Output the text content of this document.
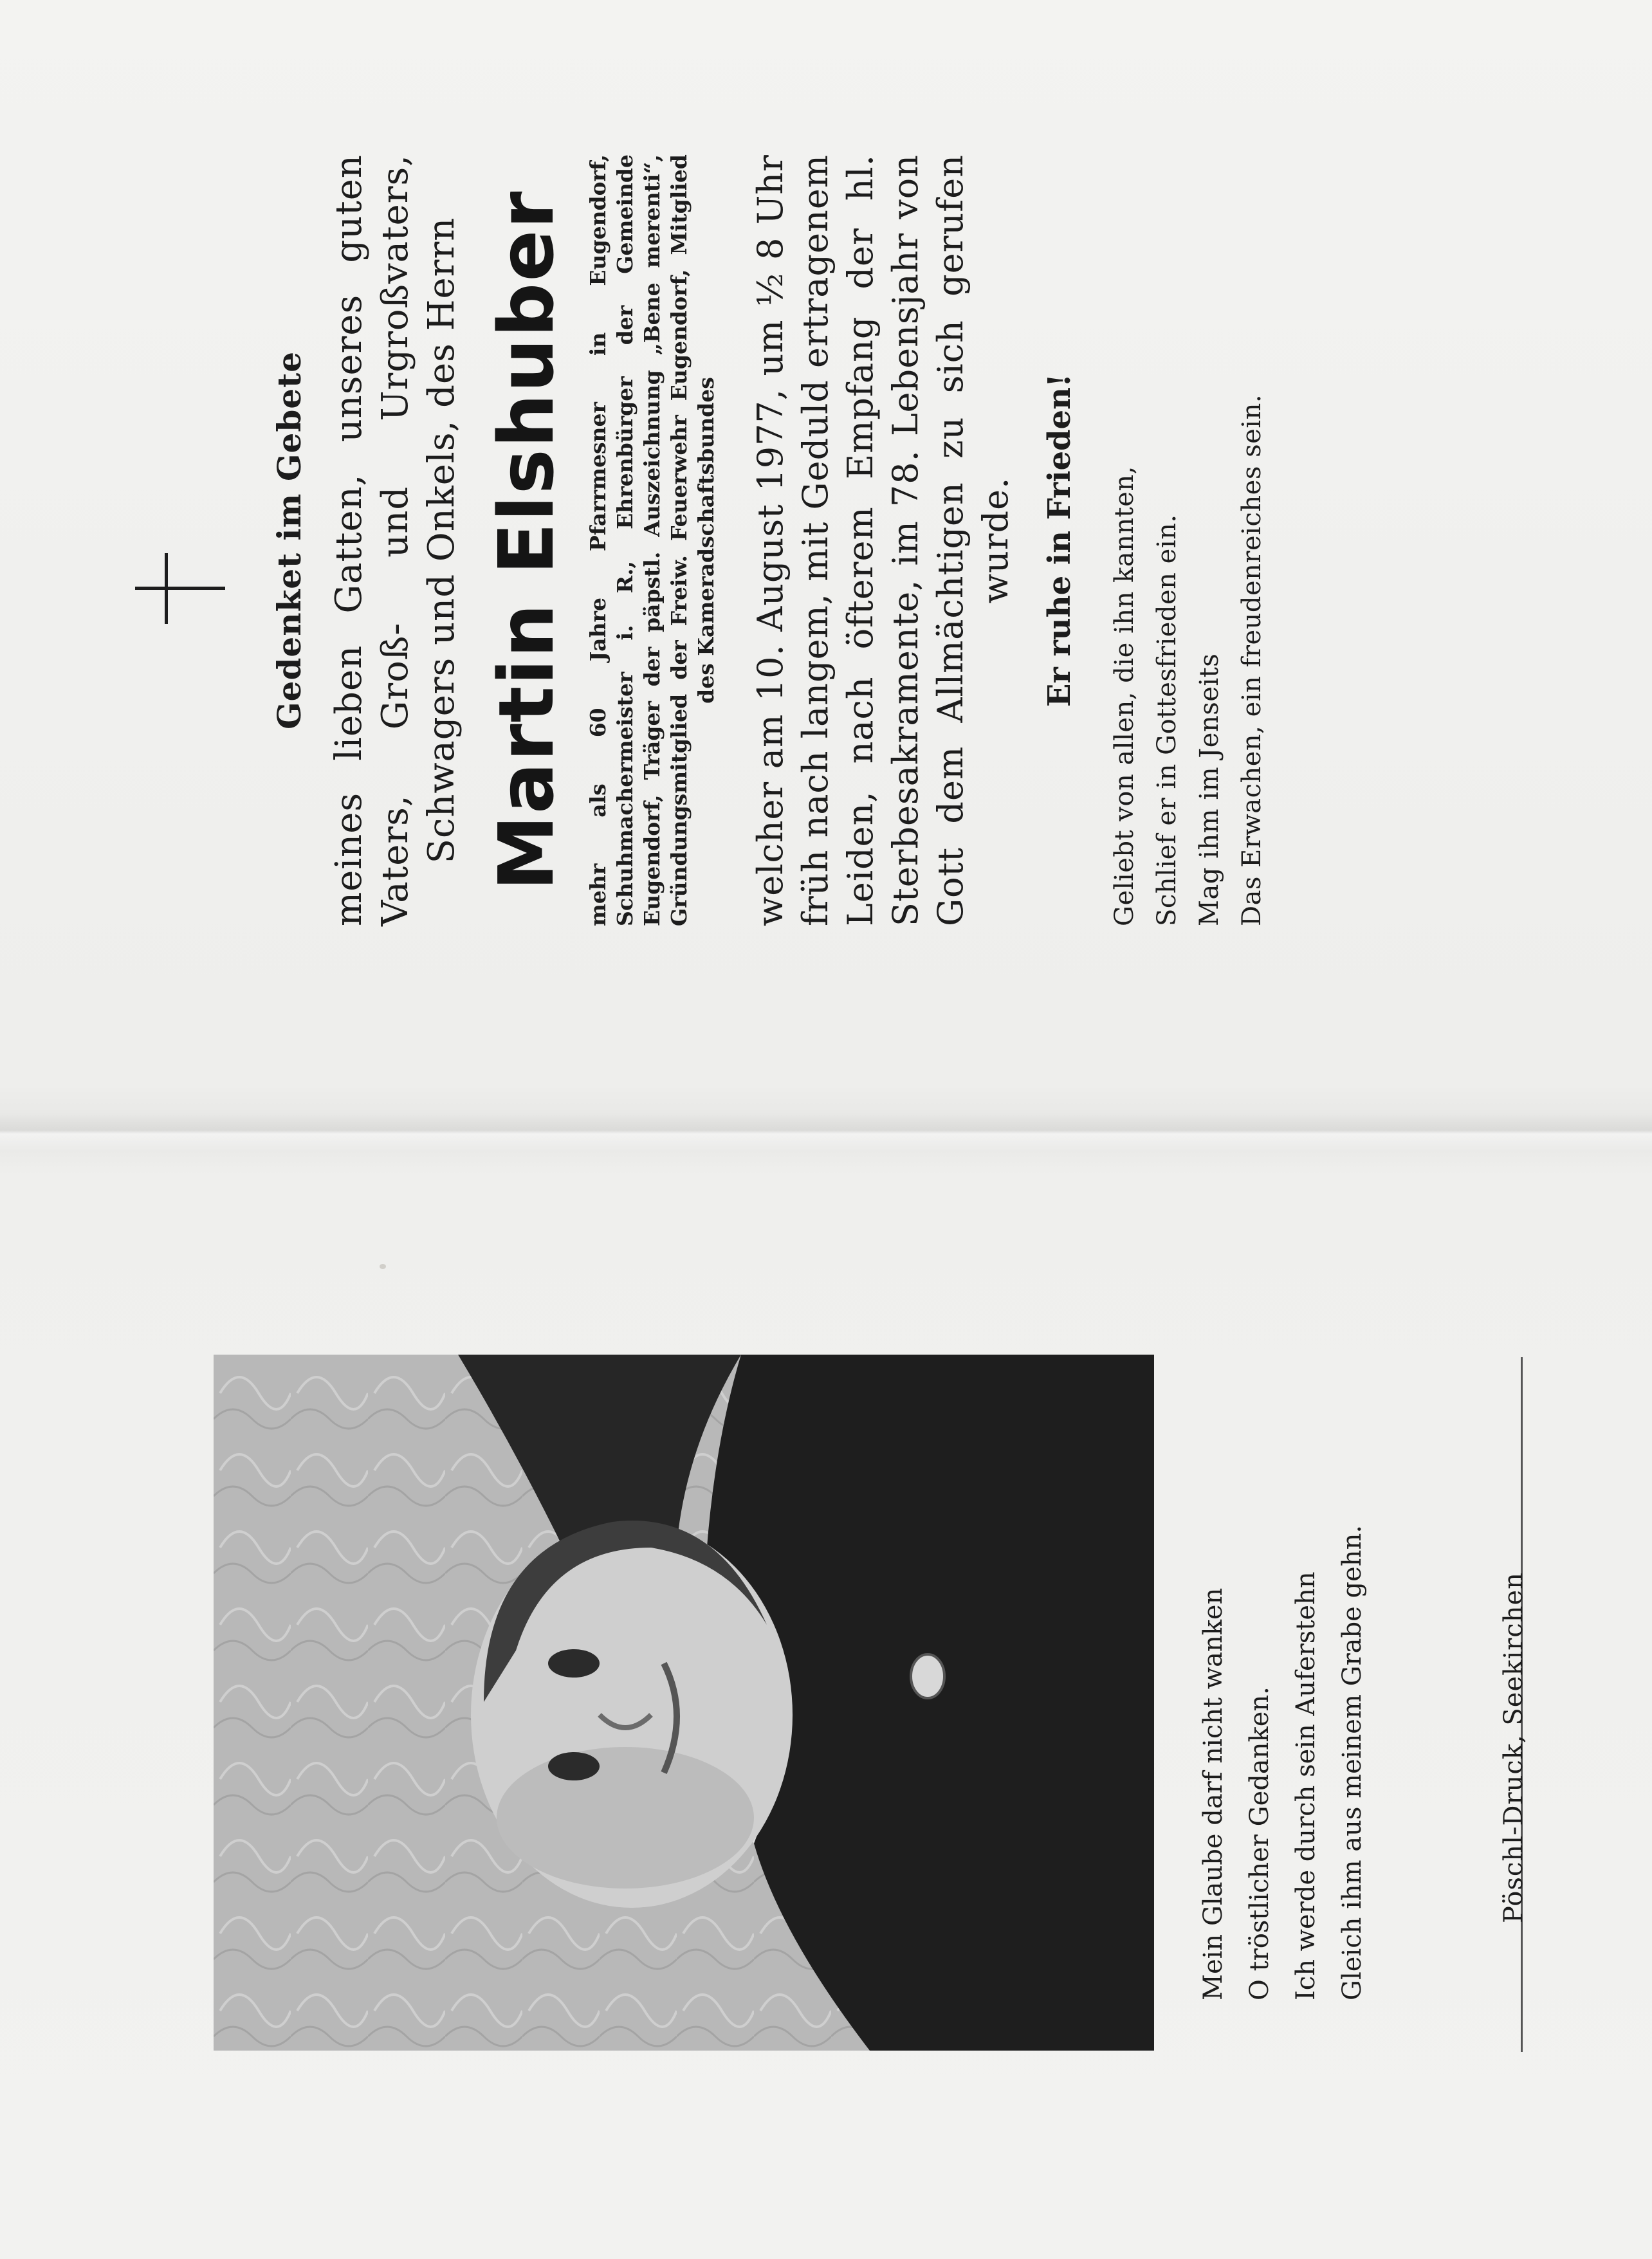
Gedenket im Gebete meines lieben Gatten, unseres guten Vaters, Groß- und Urgroßvaters, Schwagers und Onkels, des Herrn Martin Elshuber mehr als 60 Jahre Pfarrmesner in Eugendorf, Schuhmachermeister i. R., Ehrenbürger der Gemeinde Eugendorf, Träger der päpstl. Auszeichnung „Bene merenti“, Gründungsmitglied der Freiw. Feuerwehr Eugendorf, Mitglied des Kameradschaftsbundes welcher am 10. August 1977, um ½ 8 Uhr früh nach langem, mit Geduld ertragenem Leiden, nach öfterem Empfang der hl. Sterbesakramente, im 78. Lebensjahr von Gott dem Allmächtigen zu sich gerufen wurde. Er ruhe in Frieden! Geliebt von allen, die ihn kannten, Schlief er in Gottesfrieden ein. Mag ihm im Jenseits Das Erwachen, ein freudenreiches sein.
Mein Glaube darf nicht wanken O tröstlicher Gedanken. Ich werde durch sein Auferstehn Gleich ihm aus meinem Grabe gehn.	Pöschl-Druck, Seekirchen
